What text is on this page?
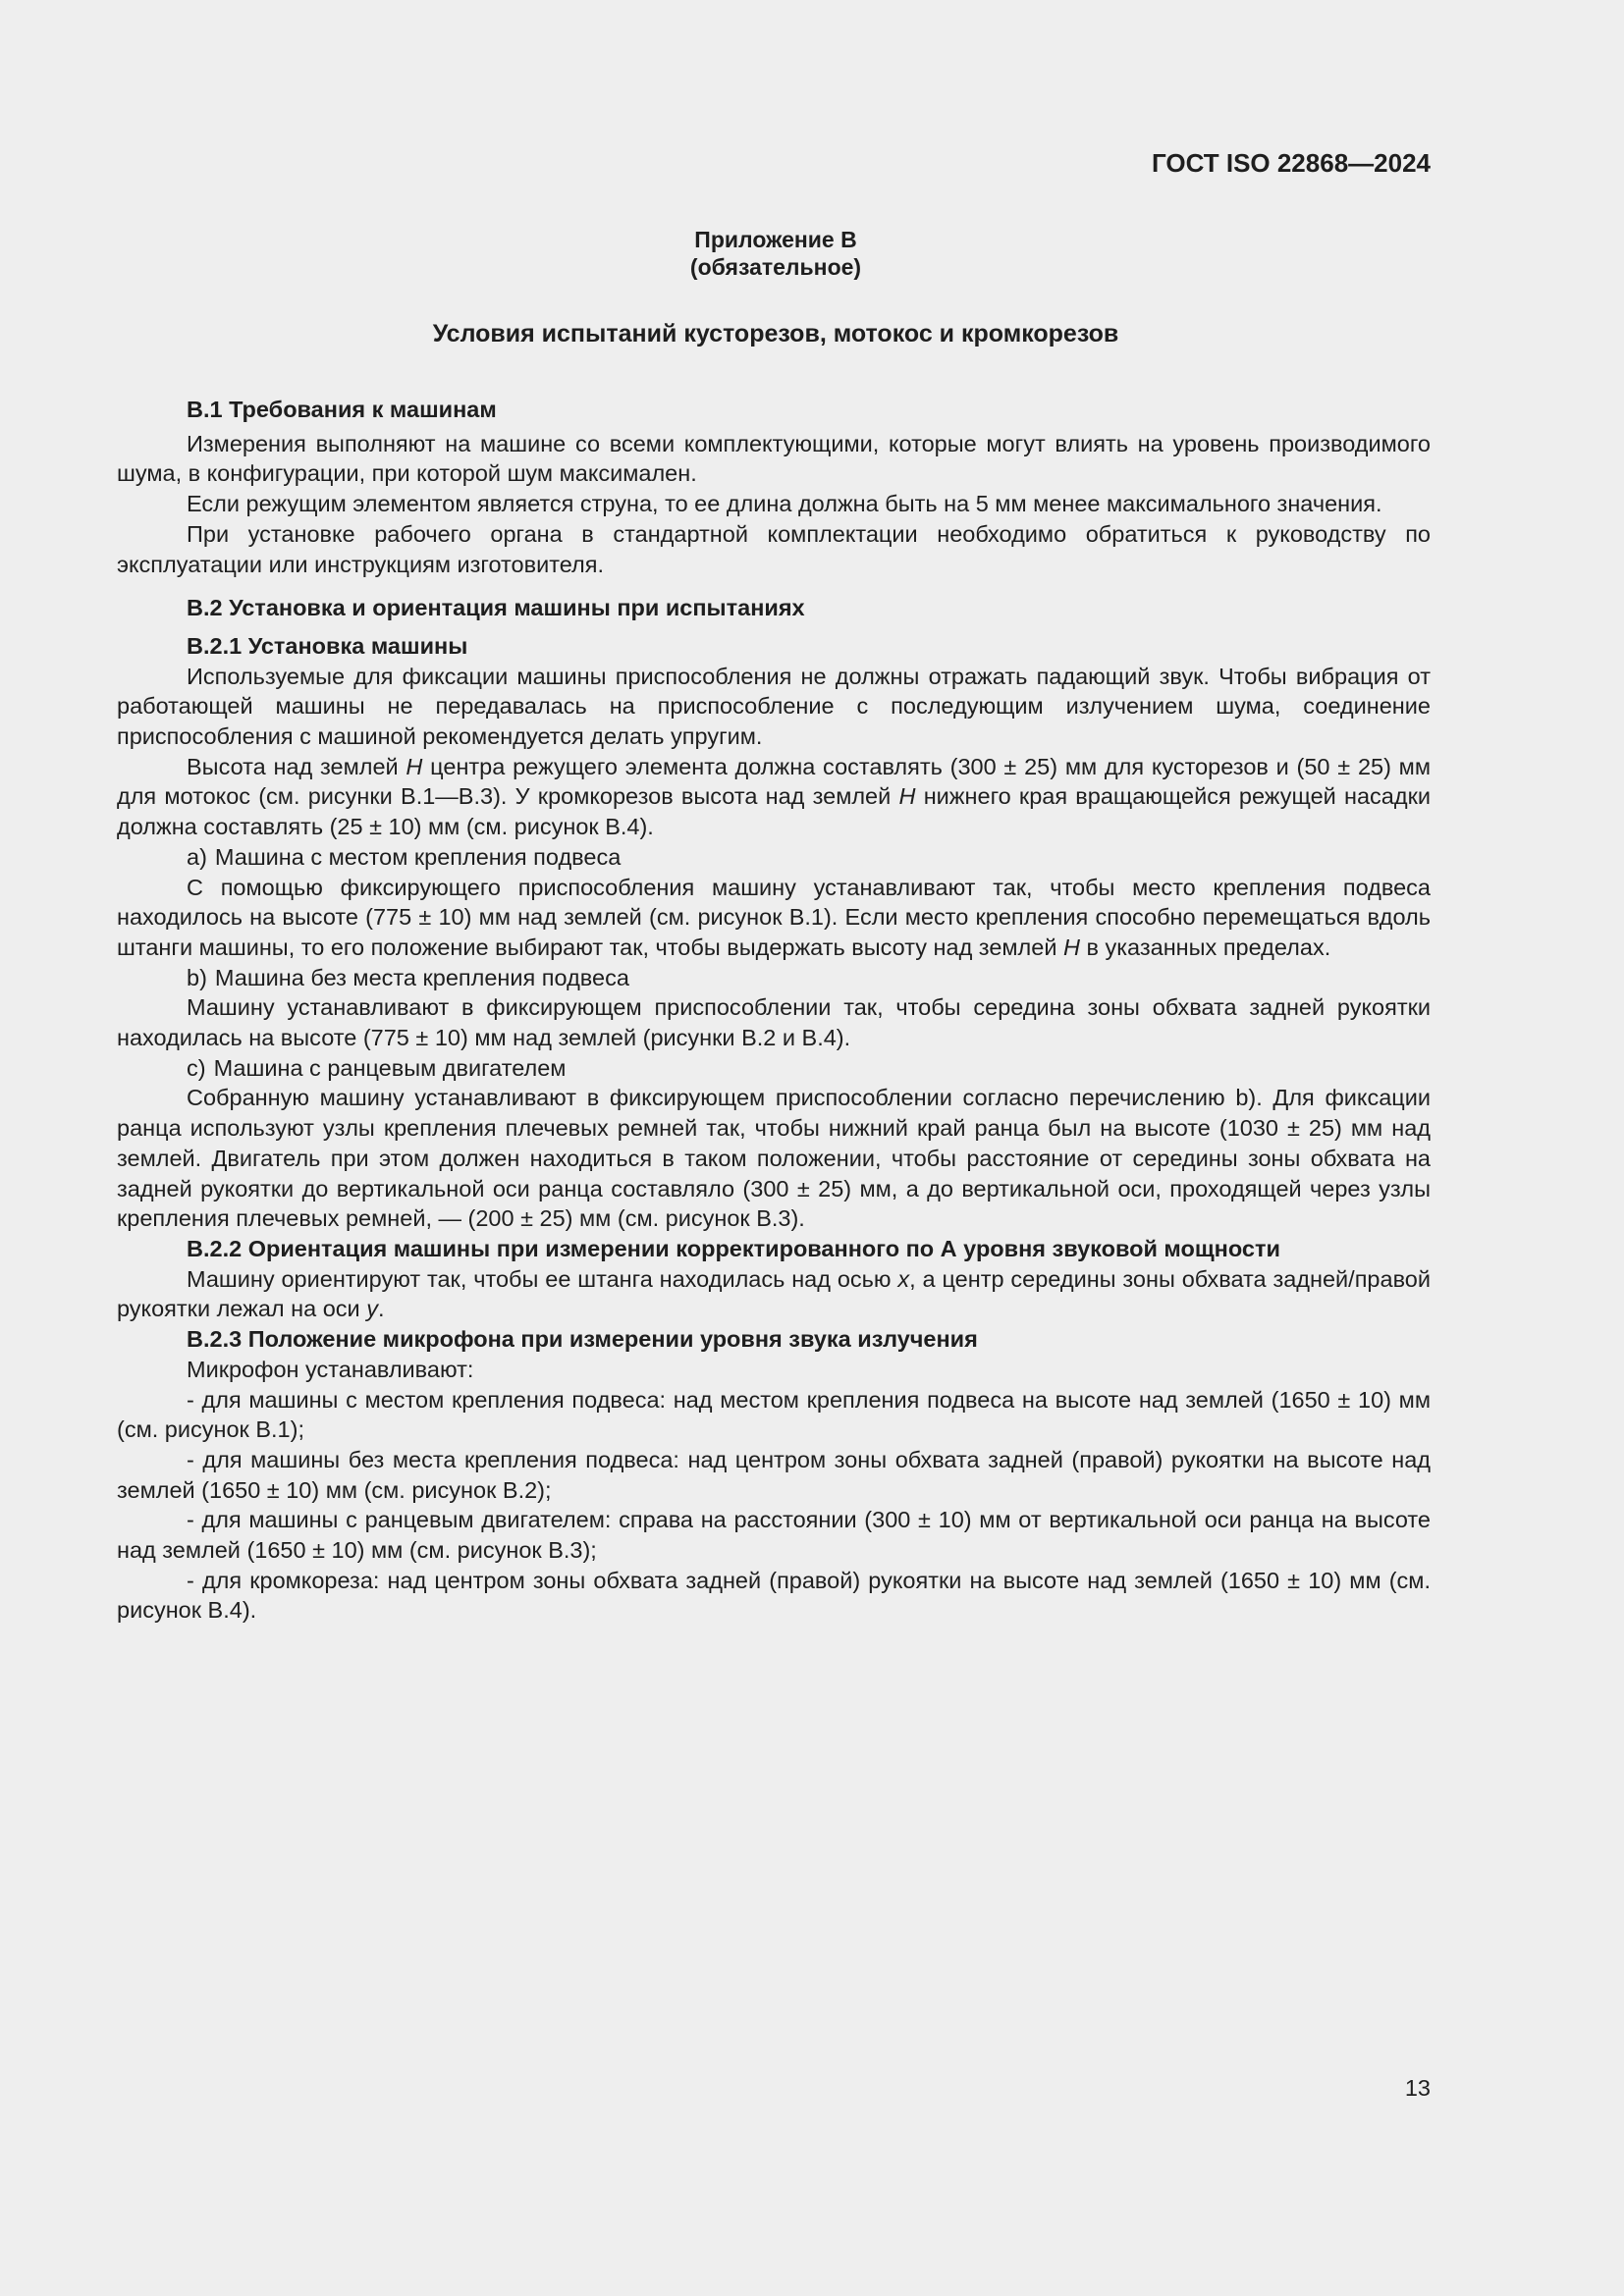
ГОСТ ISO 22868—2024
Приложение В
(обязательное)
Условия испытаний кусторезов, мотокос и кромкорезов
В.1 Требования к машинам

Измерения выполняют на машине со всеми комплектующими, которые могут влиять на уровень производимого шума, в конфигурации, при которой шум максимален.

Если режущим элементом является струна, то ее длина должна быть на 5 мм менее максимального значения.

При установке рабочего органа в стандартной комплектации необходимо обратиться к руководству по эксплуатации или инструкциям изготовителя.

В.2 Установка и ориентация машины при испытаниях
В.2.1 Установка машины

Используемые для фиксации машины приспособления не должны отражать падающий звук. Чтобы вибрация от работающей машины не передавалась на приспособление с последующим излучением шума, соединение приспособления с машиной рекомендуется делать упругим.

Высота над землей H центра режущего элемента должна составлять (300 ± 25) мм для кусторезов и (50 ± 25) мм для мотокос (см. рисунки В.1—В.3). У кромкорезов высота над землей H нижнего края вращающейся режущей насадки должна составлять (25 ± 10) мм (см. рисунок В.4).

a) Машина с местом крепления подвеса

С помощью фиксирующего приспособления машину устанавливают так, чтобы место крепления подвеса находилось на высоте (775 ± 10) мм над землей (см. рисунок В.1). Если место крепления способно перемещаться вдоль штанги машины, то его положение выбирают так, чтобы выдержать высоту над землей H в указанных пределах.

b) Машина без места крепления подвеса

Машину устанавливают в фиксирующем приспособлении так, чтобы середина зоны обхвата задней рукоятки находилась на высоте (775 ± 10) мм над землей (рисунки В.2 и В.4).

c) Машина с ранцевым двигателем

Собранную машину устанавливают в фиксирующем приспособлении согласно перечислению b). Для фиксации ранца используют узлы крепления плечевых ремней так, чтобы нижний край ранца был на высоте (1030 ± 25) мм над землей. Двигатель при этом должен находиться в таком положении, чтобы расстояние от середины зоны обхвата на задней рукоятки до вертикальной оси ранца составляло (300 ± 25) мм, а до вертикальной оси, проходящей через узлы крепления плечевых ремней, — (200 ± 25) мм (см. рисунок В.3).

В.2.2 Ориентация машины при измерении корректированного по А уровня звуковой мощности

Машину ориентируют так, чтобы ее штанга находилась над осью x, а центр середины зоны обхвата задней/правой рукоятки лежал на оси y.

В.2.3 Положение микрофона при измерении уровня звука излучения

Микрофон устанавливают:

- для машины с местом крепления подвеса: над местом крепления подвеса на высоте над землей (1650 ± 10) мм (см. рисунок В.1);

- для машины без места крепления подвеса: над центром зоны обхвата задней (правой) рукоятки на высоте над землей (1650 ± 10) мм (см. рисунок В.2);

- для машины с ранцевым двигателем: справа на расстоянии (300 ± 10) мм от вертикальной оси ранца на высоте над землей (1650 ± 10) мм (см. рисунок В.3);

- для кромкореза: над центром зоны обхвата задней (правой) рукоятки на высоте над землей (1650 ± 10) мм (см. рисунок В.4).

13
